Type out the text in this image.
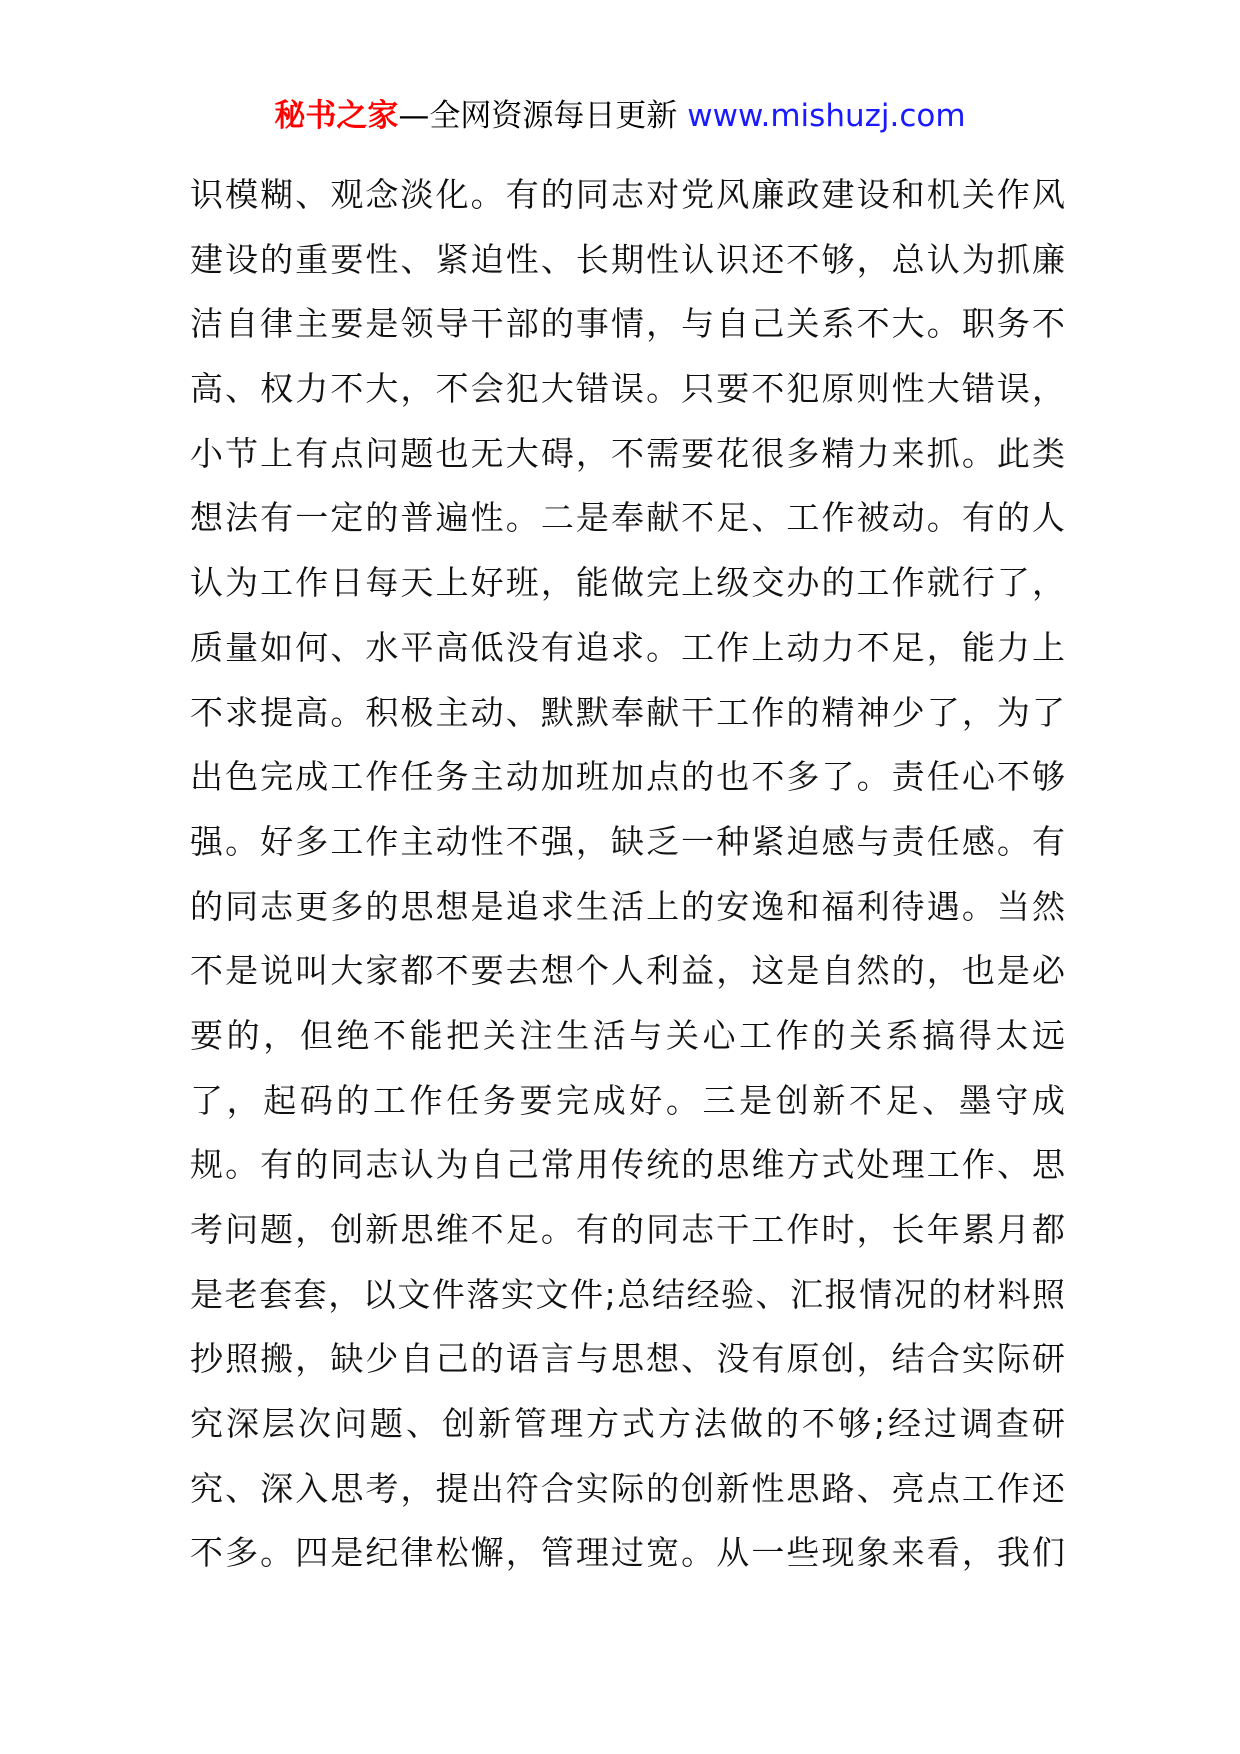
秘书之家—全网资源每日更新 www.mishuzj.com
识模糊、观念淡化。有的同志对党风廉政建设和机关作风
建设的重要性、紧迫性、长期性认识还不够，总认为抓廉
洁自律主要是领导干部的事情，与自己关系不大。职务不
高、权力不大，不会犯大错误。只要不犯原则性大错误，
小节上有点问题也无大碍，不需要花很多精力来抓。此类
想法有一定的普遍性。二是奉献不足、工作被动。有的人
认为工作日每天上好班，能做完上级交办的工作就行了，
质量如何、水平高低没有追求。工作上动力不足，能力上
不求提高。积极主动、默默奉献干工作的精神少了，为了
出色完成工作任务主动加班加点的也不多了。责任心不够
强。好多工作主动性不强，缺乏一种紧迫感与责任感。有
的同志更多的思想是追求生活上的安逸和福利待遇。当然
不是说叫大家都不要去想个人利益，这是自然的，也是必
要的，但绝不能把关注生活与关心工作的关系搞得太远
了，起码的工作任务要完成好。三是创新不足、墨守成
规。有的同志认为自己常用传统的思维方式处理工作、思
考问题，创新思维不足。有的同志干工作时，长年累月都
是老套套，以文件落实文件;总结经验、汇报情况的材料照
抄照搬，缺少自己的语言与思想、没有原创，结合实际研
究深层次问题、创新管理方式方法做的不够;经过调查研
究、深入思考，提出符合实际的创新性思路、亮点工作还
不多。四是纪律松懈，管理过宽。从一些现象来看，我们
